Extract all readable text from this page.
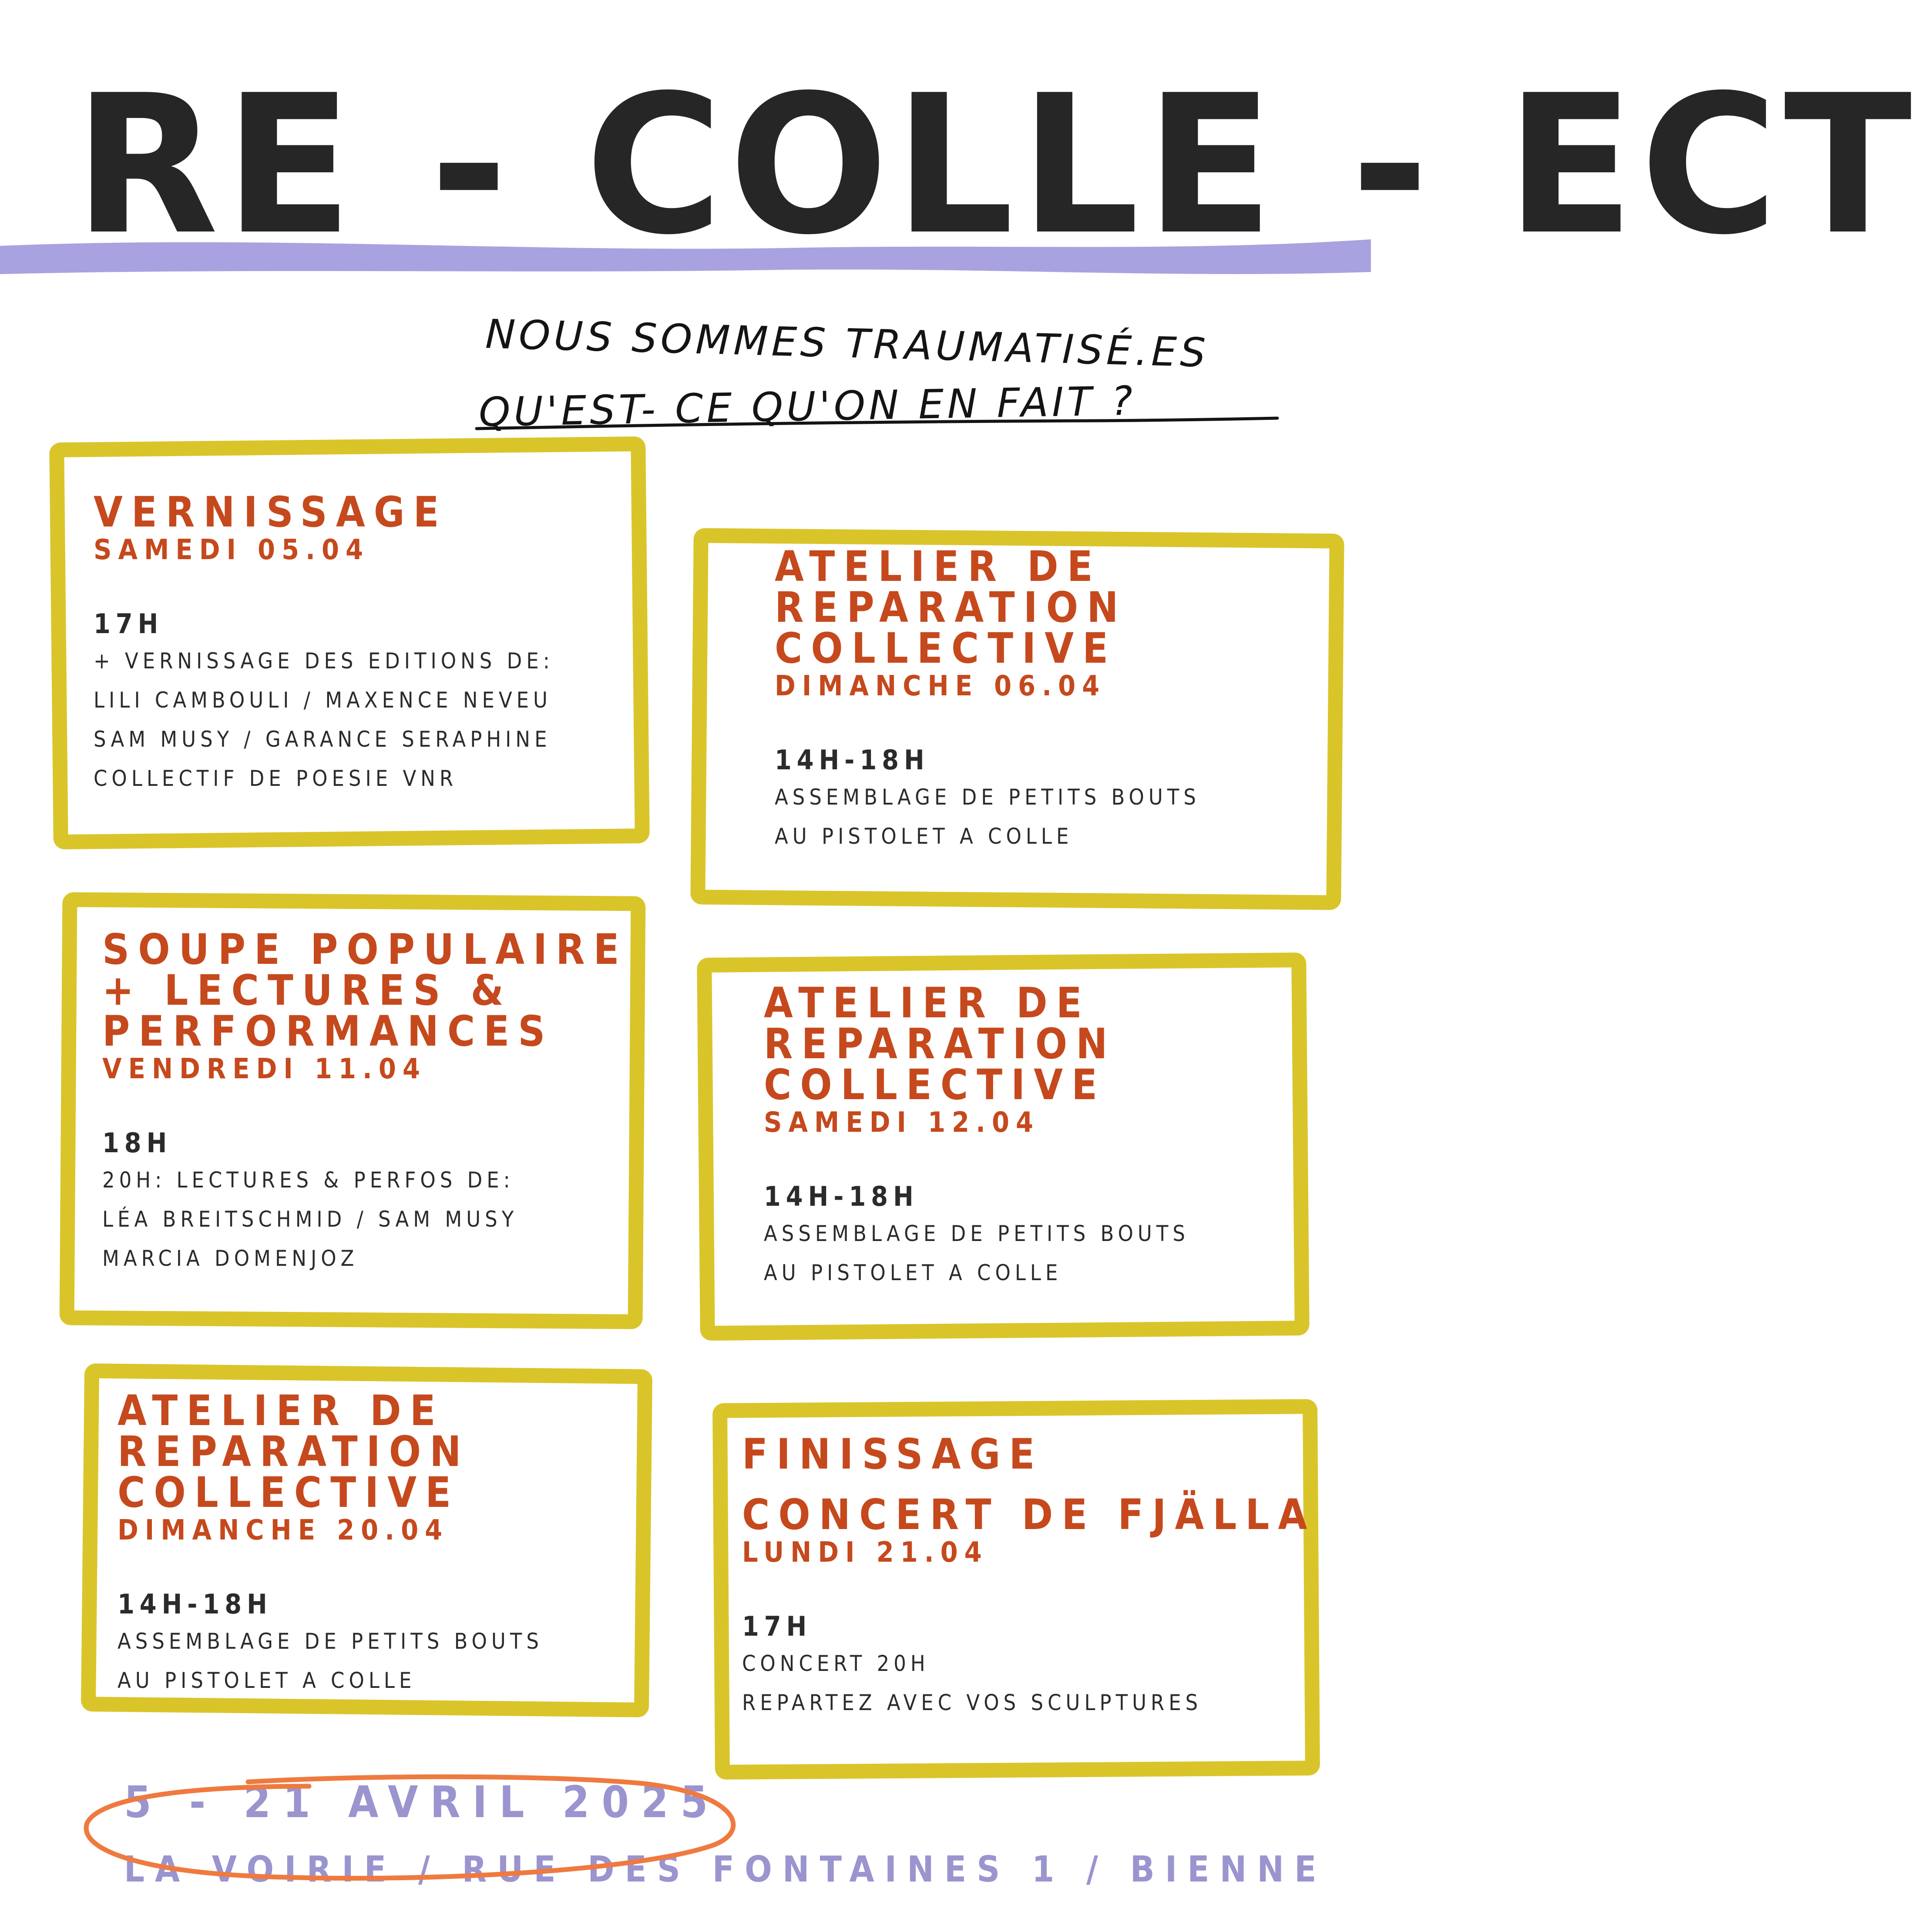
RE - COLLE - ECT

NOUS SOMMES TRAUMATISÉ.ES

QU'EST- CE QU'ON EN FAIT ?

VERNISSAGE
SAMEDI 05.04
17H
+ VERNISSAGE DES EDITIONS DE:
LILI CAMBOULI / MAXENCE NEVEU
SAM MUSY / GARANCE SERAPHINE
COLLECTIF DE POESIE VNR
ATELIER DE
REPARATION
COLLECTIVE
DIMANCHE 06.04
14H-18H
ASSEMBLAGE DE PETITS BOUTS
AU PISTOLET A COLLE
SOUPE POPULAIRE
+ LECTURES &
PERFORMANCES
VENDREDI 11.04
18H
20H: LECTURES & PERFOS DE:
LÉA BREITSCHMID / SAM MUSY
MARCIA DOMENJOZ
ATELIER DE
REPARATION
COLLECTIVE
SAMEDI 12.04
14H-18H
ASSEMBLAGE DE PETITS BOUTS
AU PISTOLET A COLLE
ATELIER DE
REPARATION
COLLECTIVE
DIMANCHE 20.04
14H-18H
ASSEMBLAGE DE PETITS BOUTS
AU PISTOLET A COLLE
FINISSAGE
CONCERT DE FJÄLLA
LUNDI 21.04
17H
CONCERT 20H
REPARTEZ AVEC VOS SCULPTURES

5 - 21 AVRIL 2025

LA VOIRIE / RUE DES FONTAINES 1 / BIENNE
